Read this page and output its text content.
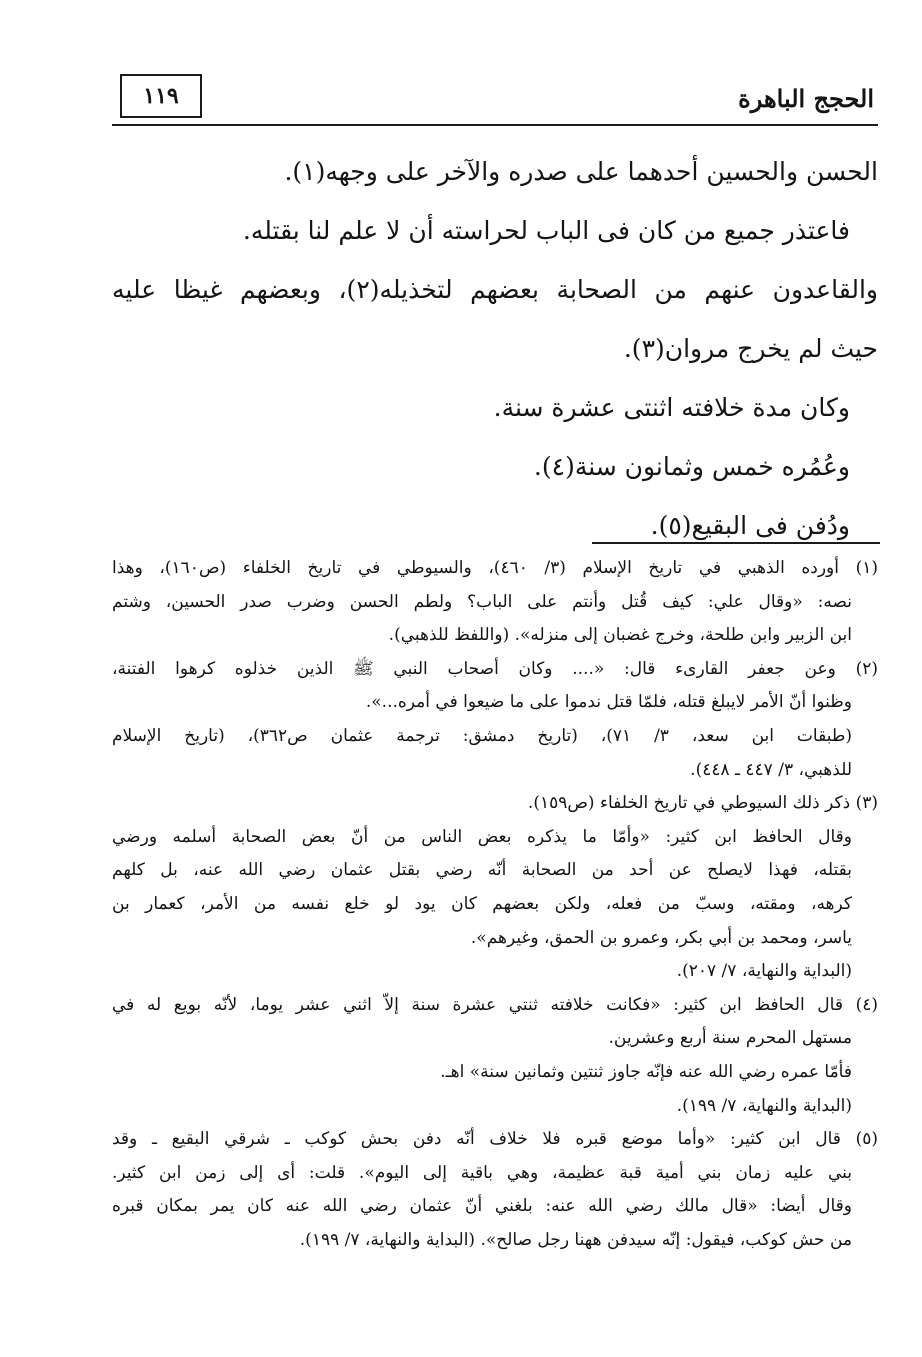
الحجج الباهرة
١١٩
الحسن والحسين أحدهما على صدره والآخر على وجهه(١).
فاعتذر جميع من كان فى الباب لحراسته أن لا علم لنا بقتله.
والقاعدون عنهم من الصحابة بعضهم لتخذيله(٢)، وبعضهم غيظا عليه
حيث لم يخرج مروان(٣).
وكان مدة خلافته اثنتى عشرة سنة.
وعُمُره خمس وثمانون سنة(٤).
ودُفن فى البقيع(٥).
(١) أورده الذهبي في تاريخ الإسلام (٣/ ٤٦٠)، والسيوطي في تاريخ الخلفاء (ص١٦٠)، وهذا
نصه: «وقال علي: كيف قُتل وأنتم على الباب؟ ولطم الحسن وضرب صدر الحسين، وشتم
ابن الزبير وابن طلحة، وخرج غضبان إلى منزله». (واللفظ للذهبي).
(٢) وعن جعفر القارىء قال: «.... وكان أصحاب النبي ﷺ الذين خذلوه كرهوا الفتنة،
وظنوا أنّ الأمر لايبلغ قتله، فلمّا قتل ندموا على ما ضيعوا في أمره...».
(طبقات ابن سعد، ٣/ ٧١)، (تاريخ دمشق: ترجمة عثمان ص٣٦٢)، (تاريخ الإسلام
للذهبي، ٣/ ٤٤٧ ـ ٤٤٨).
(٣) ذكر ذلك السيوطي في تاريخ الخلفاء (ص١٥٩).
وقال الحافظ ابن كثير: «وأمّا ما يذكره بعض الناس من أنّ بعض الصحابة أسلمه ورضي
بقتله، فهذا لايصلح عن أحد من الصحابة أنّه رضي بقتل عثمان رضي الله عنه، بل كلهم
كرهه، ومقته، وسبّ من فعله، ولكن بعضهم كان يود لو خلع نفسه من الأمر، كعمار بن
ياسر، ومحمد بن أبي بكر، وعمرو بن الحمق، وغيرهم».
(البداية والنهاية، ٧/ ٢٠٧).
(٤) قال الحافظ ابن كثير: «فكانت خلافته ثنتي عشرة سنة إلاّ اثني عشر يوما، لأنّه بويع له في
مستهل المحرم سنة أربع وعشرين.
فأمّا عمره رضي الله عنه فإنّه جاوز ثنتين وثمانين سنة» اهـ.
(البداية والنهاية، ٧/ ١٩٩).
(٥) قال ابن كثير: «وأما موضع قبره فلا خلاف أنّه دفن بحش كوكب ـ شرقي البقيع ـ وقد
بني عليه زمان بني أمية قبة عظيمة، وهي باقية إلى اليوم». قلت: أى إلى زمن ابن كثير.
وقال أيضا: «قال مالك رضي الله عنه: بلغني أنّ عثمان رضي الله عنه كان يمر بمكان قبره
من حش كوكب، فيقول: إنّه سيدفن ههنا رجل صالح». (البداية والنهاية، ٧/ ١٩٩).
